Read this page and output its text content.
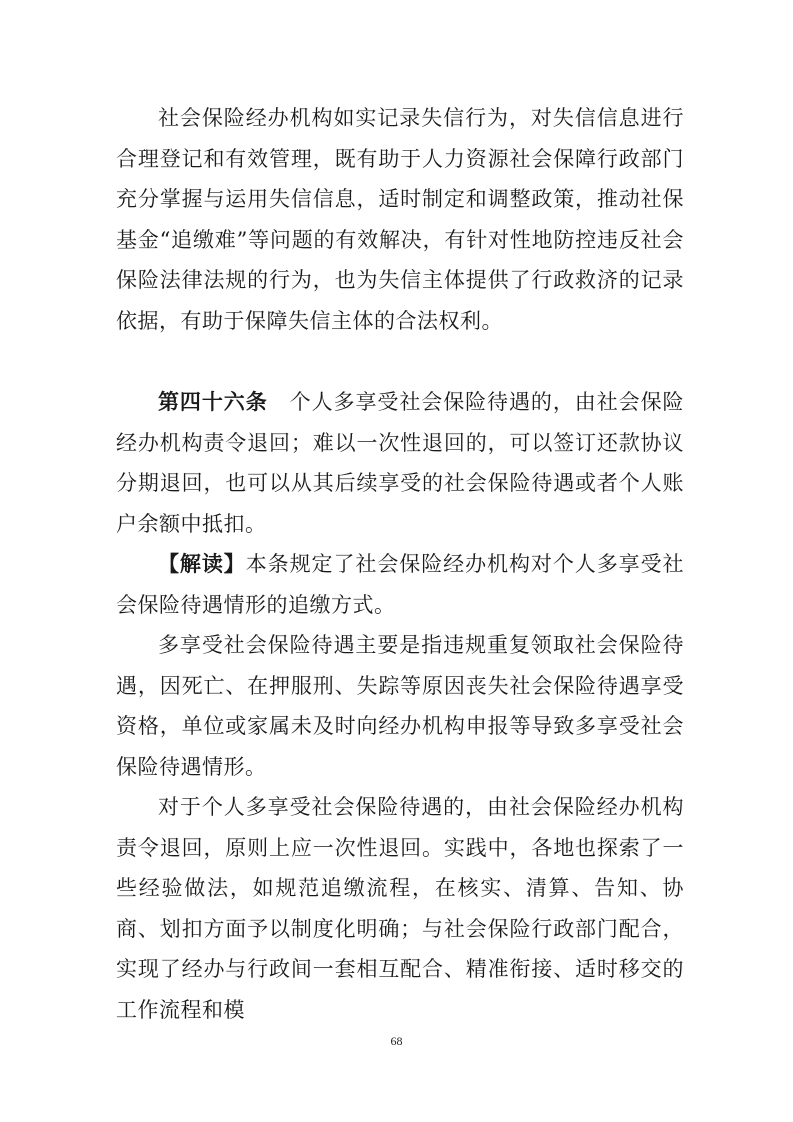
社会保险经办机构如实记录失信行为，对失信信息进行合理登记和有效管理，既有助于人力资源社会保障行政部门充分掌握与运用失信信息，适时制定和调整政策，推动社保基金“追缴难”等问题的有效解决，有针对性地防控违反社会保险法律法规的行为，也为失信主体提供了行政救济的记录依据，有助于保障失信主体的合法权利。

第四十六条 个人多享受社会保险待遇的，由社会保险经办机构责令退回；难以一次性退回的，可以签订还款协议分期退回，也可以从其后续享受的社会保险待遇或者个人账户余额中抵扣。

【解读】本条规定了社会保险经办机构对个人多享受社会保险待遇情形的追缴方式。

多享受社会保险待遇主要是指违规重复领取社会保险待遇，因死亡、在押服刑、失踪等原因丧失社会保险待遇享受资格，单位或家属未及时向经办机构申报等导致多享受社会保险待遇情形。

对于个人多享受社会保险待遇的，由社会保险经办机构责令退回，原则上应一次性退回。实践中，各地也探索了一些经验做法，如规范追缴流程，在核实、清算、告知、协商、划扣方面予以制度化明确；与社会保险行政部门配合，实现了经办与行政间一套相互配合、精准衔接、适时移交的工作流程和模

68
